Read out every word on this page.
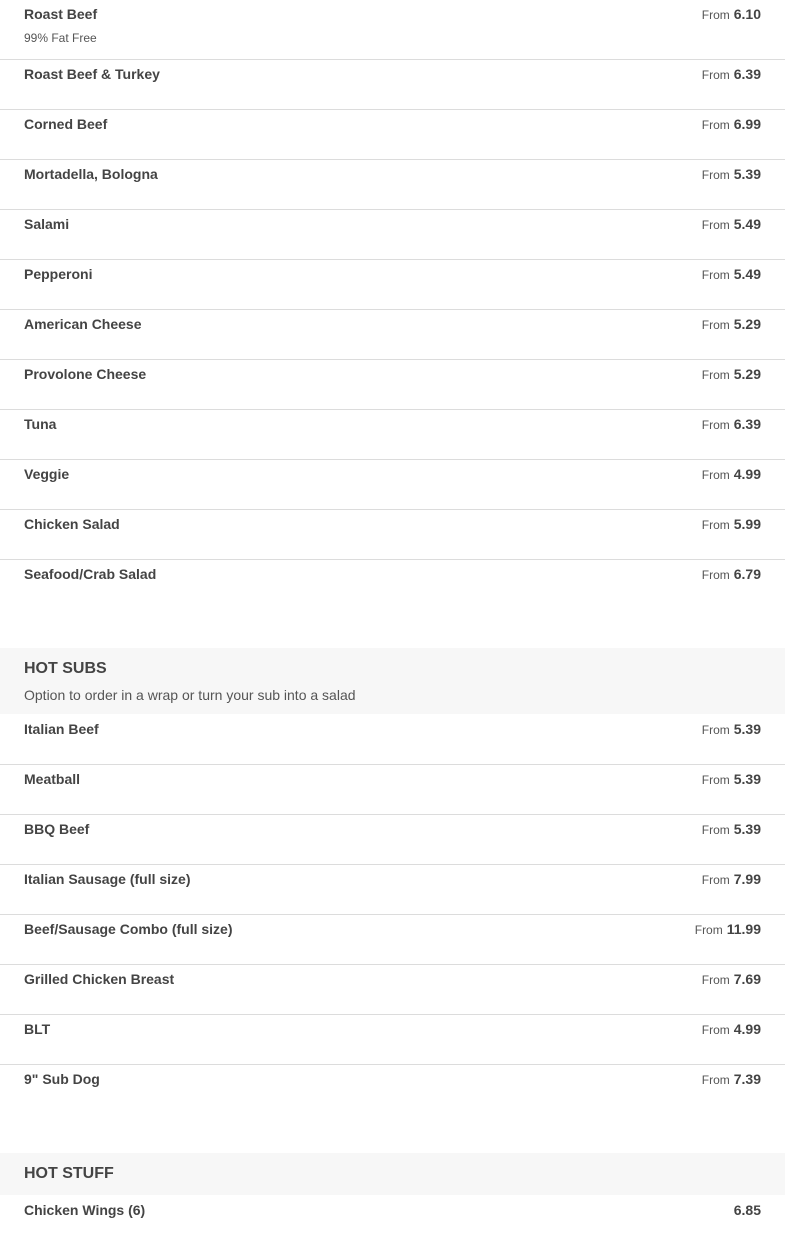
Roast Beef
99% Fat Free
From 6.10
Roast Beef & Turkey	From 6.39
Corned Beef	From 6.99
Mortadella, Bologna	From 5.39
Salami	From 5.49
Pepperoni	From 5.49
American Cheese	From 5.29
Provolone Cheese	From 5.29
Tuna	From 6.39
Veggie	From 4.99
Chicken Salad	From 5.99
Seafood/Crab Salad	From 6.79
HOT SUBS
Option to order in a wrap or turn your sub into a salad
Italian Beef	From 5.39
Meatball	From 5.39
BBQ Beef	From 5.39
Italian Sausage (full size)	From 7.99
Beef/Sausage Combo (full size)	From 11.99
Grilled Chicken Breast	From 7.69
BLT	From 4.99
9" Sub Dog	From 7.39
HOT STUFF
Chicken Wings (6)	6.85
